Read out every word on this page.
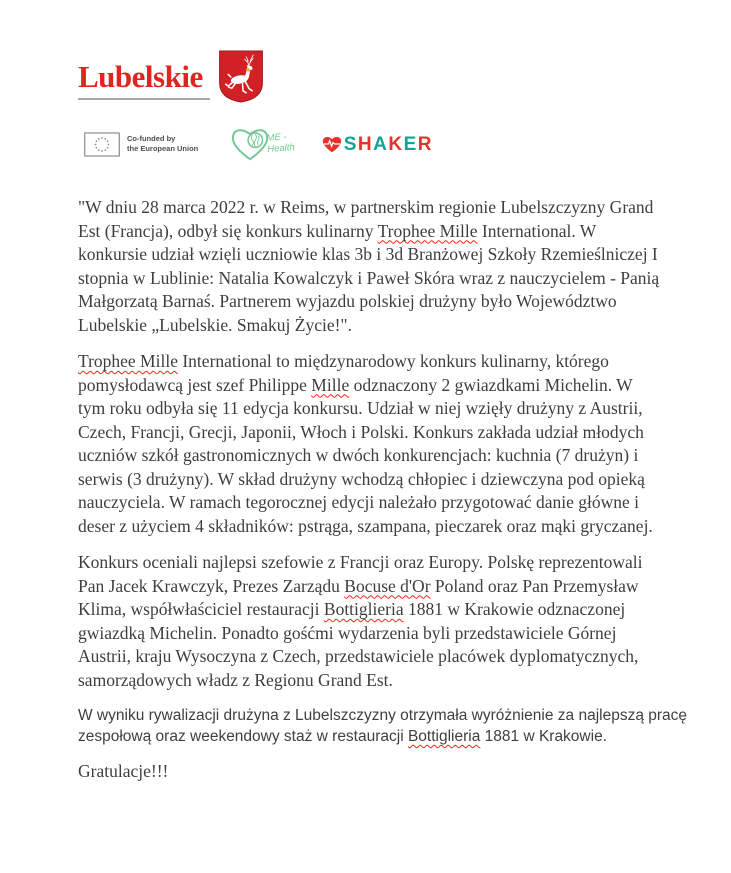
Lubelskie
Co-funded by
the European Union
ME -
Health	SHAKER

"W dniu 28 marca 2022 r. w Reims, w partnerskim regionie Lubelszczyzny Grand Est (Francja), odbył się konkurs kulinarny Trophee Mille International. W konkursie udział wzięli uczniowie klas 3b i 3d Branżowej Szkoły Rzemieślniczej I stopnia w Lublinie: Natalia Kowalczyk i Paweł Skóra wraz z nauczycielem - Panią Małgorzatą Barnaś. Partnerem wyjazdu polskiej drużyny było Województwo Lubelskie „Lubelskie. Smakuj Życie!".

Trophee Mille International to międzynarodowy konkurs kulinarny, którego pomysłodawcą jest szef Philippe Mille odznaczony 2 gwiazdkami Michelin. W tym roku odbyła się 11 edycja konkursu. Udział w niej wzięły drużyny z Austrii, Czech, Francji, Grecji, Japonii, Włoch i Polski. Konkurs zakłada udział młodych uczniów szkół gastronomicznych w dwóch konkurencjach: kuchnia (7 drużyn) i serwis (3 drużyny). W skład drużyny wchodzą chłopiec i dziewczyna pod opieką nauczyciela. W ramach tegorocznej edycji należało przygotować danie główne i deser z użyciem 4 składników: pstrąga, szampana, pieczarek oraz mąki gryczanej.

Konkurs oceniali najlepsi szefowie z Francji oraz Europy. Polskę reprezentowali Pan Jacek Krawczyk, Prezes Zarządu Bocuse d'Or Poland oraz Pan Przemysław Klima, współwłaściciel restauracji Bottiglieria 1881 w Krakowie odznaczonej gwiazdką Michelin. Ponadto gośćmi wydarzenia byli przedstawiciele Górnej Austrii, kraju Wysoczyna z Czech, przedstawiciele placówek dyplomatycznych, samorządowych władz z Regionu Grand Est.

W wyniku rywalizacji drużyna z Lubelszczyzny otrzymała wyróżnienie za najlepszą pracę zespołową oraz weekendowy staż w restauracji Bottiglieria 1881 w Krakowie.

Gratulacje!!!
